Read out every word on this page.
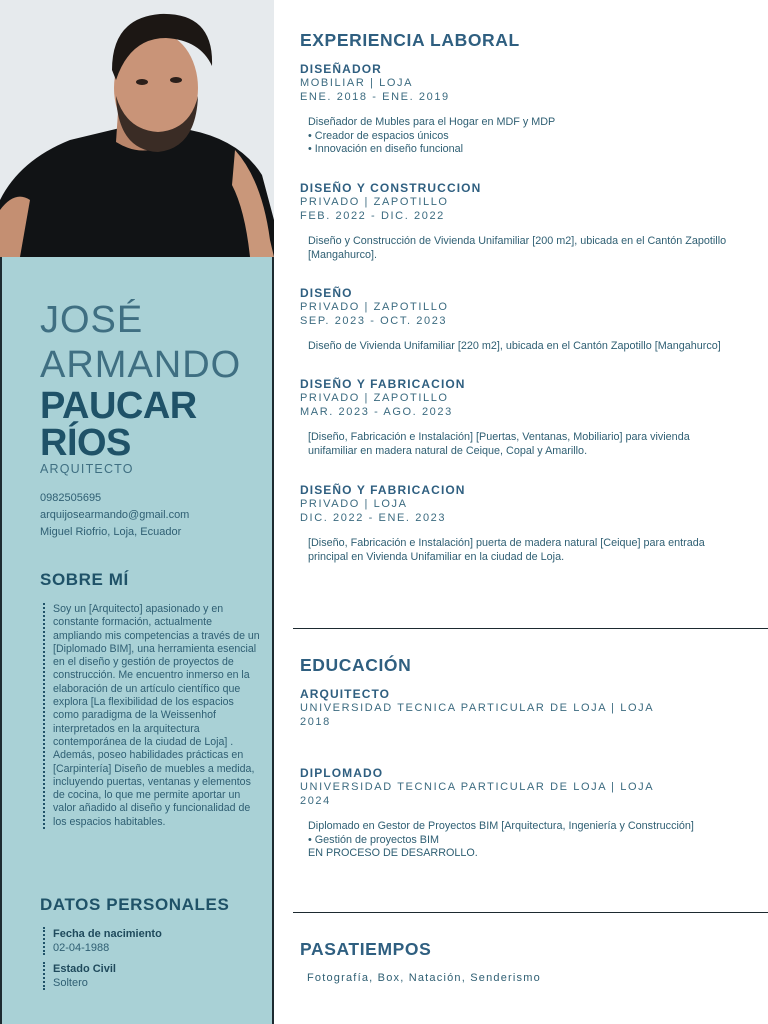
JOSÉ
ARMANDO
PAUCAR
RÍOS
ARQUITECTO
0982505695
arquijosearmando@gmail.com
Miguel Riofrio, Loja, Ecuador
SOBRE MÍ
Soy un [Arquitecto] apasionado y en constante formación, actualmente ampliando mis competencias a través de un [Diplomado BIM], una herramienta esencial en el diseño y gestión de proyectos de construcción. Me encuentro inmerso en la elaboración de un artículo científico que explora [La flexibilidad de los espacios como paradigma de la Weissenhof interpretados en la arquitectura contemporánea de la ciudad de Loja] . Además, poseo habilidades prácticas en [Carpintería] Diseño de muebles a medida, incluyendo puertas, ventanas y elementos de cocina, lo que me permite aportar un valor añadido al diseño y funcionalidad de los espacios habitables.
DATOS PERSONALES
Fecha de nacimiento
02-04-1988
Estado Civil
Soltero
EXPERIENCIA LABORAL
DISEÑADOR
MOBILIAR | LOJA
ENE. 2018 - ENE. 2019
Diseñador de Mubles para el Hogar en MDF y MDP
• Creador de espacios únicos
• Innovación en diseño funcional
DISEÑO Y CONSTRUCCION
PRIVADO | ZAPOTILLO
FEB. 2022 - DIC. 2022
Diseño y Construcción de Vivienda Unifamiliar [200 m2], ubicada en el Cantón Zapotillo
[Mangahurco].
DISEÑO
PRIVADO | ZAPOTILLO
SEP. 2023 - OCT. 2023
Diseño de Vivienda Unifamiliar [220 m2], ubicada en el Cantón Zapotillo [Mangahurco]
DISEÑO Y FABRICACION
PRIVADO | ZAPOTILLO
MAR. 2023 - AGO. 2023
[Diseño, Fabricación e Instalación] [Puertas, Ventanas, Mobiliario] para vivienda
unifamiliar en madera natural de Ceique, Copal y Amarillo.
DISEÑO Y FABRICACION
PRIVADO | LOJA
DIC. 2022 - ENE. 2023
[Diseño, Fabricación e Instalación] puerta de madera natural [Ceique] para entrada
principal en Vivienda Unifamiliar en la ciudad de Loja.
EDUCACIÓN
ARQUITECTO
UNIVERSIDAD TECNICA PARTICULAR DE LOJA | LOJA
2018
DIPLOMADO
UNIVERSIDAD TECNICA PARTICULAR DE LOJA | LOJA
2024
Diplomado en Gestor de Proyectos BIM [Arquitectura, Ingeniería y Construcción]
• Gestión de proyectos BIM
EN PROCESO DE DESARROLLO.
PASATIEMPOS
Fotografía, Box, Natación, Senderismo
